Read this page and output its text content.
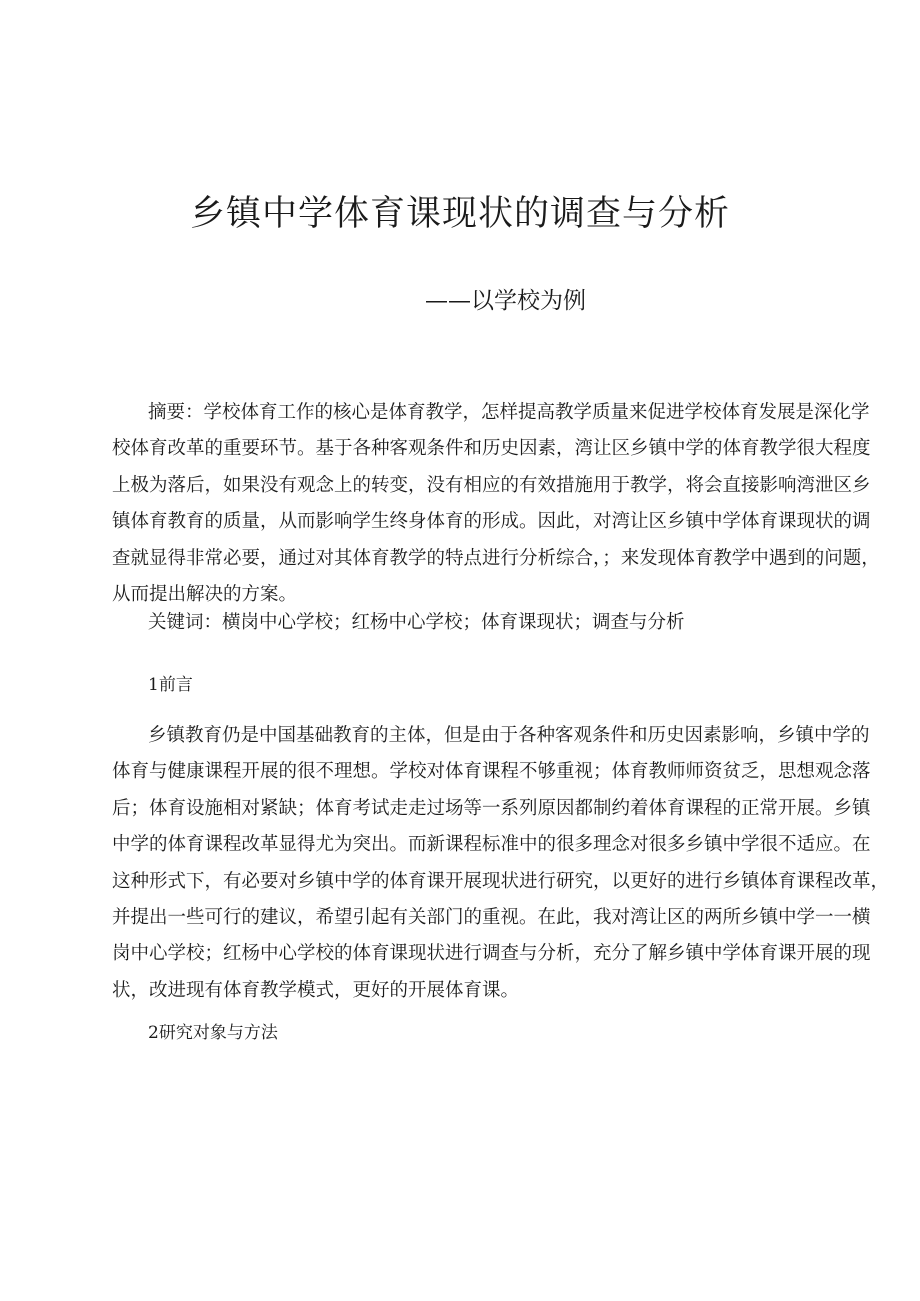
乡镇中学体育课现状的调查与分析
——以学校为例
摘要：学校体育工作的核心是体育教学，怎样提高教学质量来促进学校体育发展是深化学
校体育改革的重要环节。基于各种客观条件和历史因素，湾让区乡镇中学的体育教学很大程度
上极为落后，如果没有观念上的转变，没有相应的有效措施用于教学，将会直接影响湾泄区乡
镇体育教育的质量，从而影响学生终身体育的形成。因此，对湾让区乡镇中学体育课现状的调
查就显得非常必要，通过对其体育教学的特点进行分析综合，；来发现体育教学中遇到的问题，
从而提出解决的方案。
关键词：横岗中心学校；红杨中心学校；体育课现状；调查与分析
1前言
乡镇教育仍是中国基础教育的主体，但是由于各种客观条件和历史因素影响，乡镇中学的
体育与健康课程开展的很不理想。学校对体育课程不够重视；体育教师师资贫乏，思想观念落
后；体育设施相对紧缺；体育考试走走过场等一系列原因都制约着体育课程的正常开展。乡镇
中学的体育课程改革显得尤为突出。而新课程标准中的很多理念对很多乡镇中学很不适应。在
这种形式下，有必要对乡镇中学的体育课开展现状进行研究，以更好的进行乡镇体育课程改革，
并提出一些可行的建议，希望引起有关部门的重视。在此，我对湾让区的两所乡镇中学一一横
岗中心学校；红杨中心学校的体育课现状进行调查与分析，充分了解乡镇中学体育课开展的现
状，改进现有体育教学模式，更好的开展体育课。
2研究对象与方法
